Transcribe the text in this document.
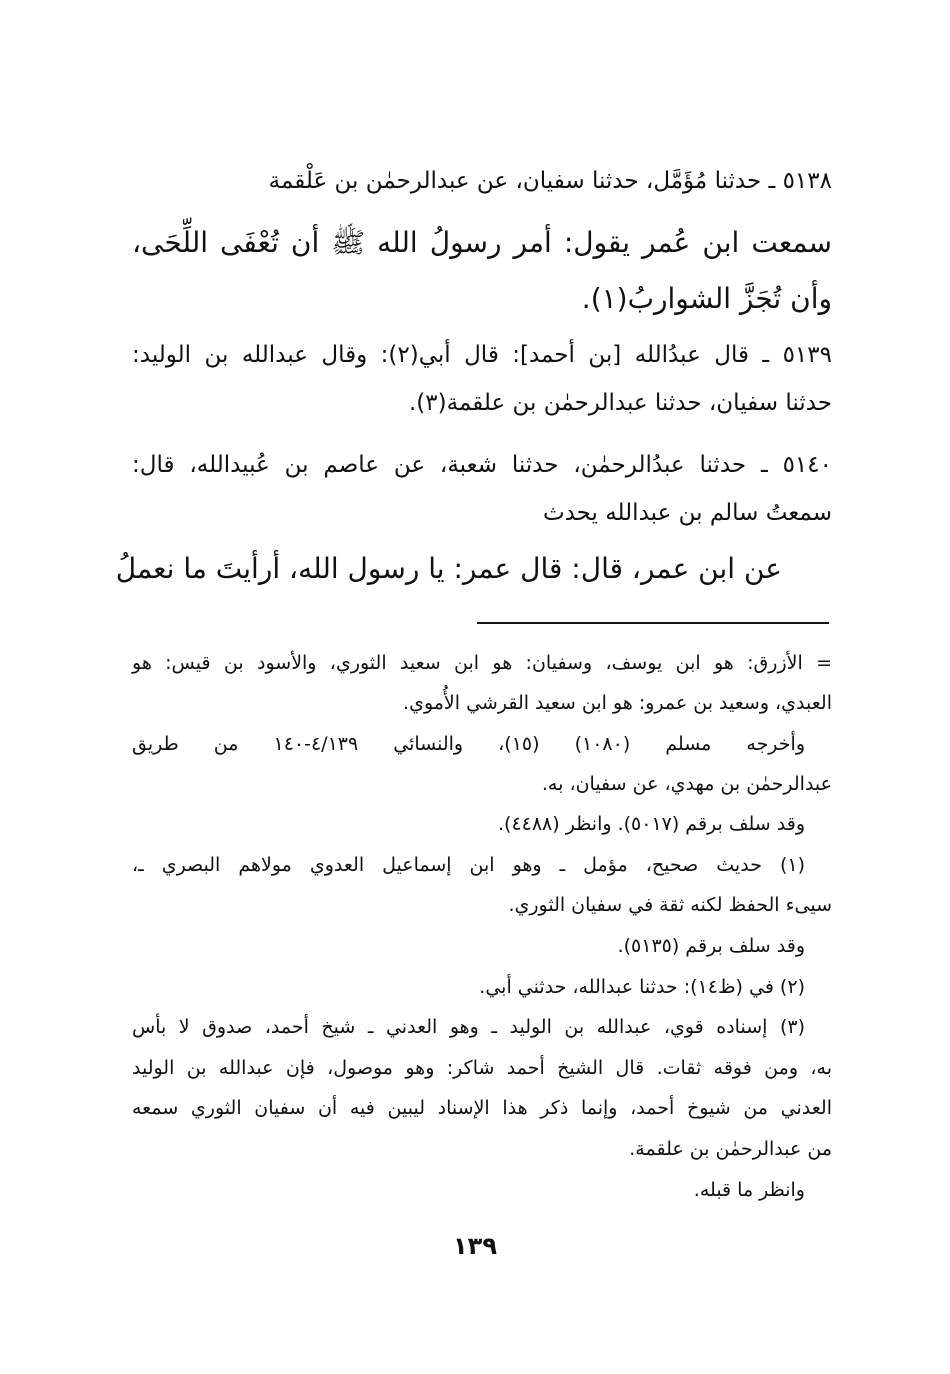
٥١٣٨ ـ حدثنا مُؤَمَّل، حدثنا سفيان، عن عبدالرحمٰن بن عَلْقمة
سمعت ابن عُمر يقول: أمر رسولُ الله ﷺ أن تُعْفَى اللِّحَى،
وأن تُجَزَّ الشواربُ(١).
٥١٣٩ ـ قال عبدُالله [بن أحمد]: قال أبي(٢): وقال عبدالله بن الوليد:
حدثنا سفيان، حدثنا عبدالرحمٰن بن علقمة(٣).
٥١٤٠ ـ حدثنا عبدُالرحمٰن، حدثنا شعبة، عن عاصم بن عُبيدالله، قال:
سمعتُ سالم بن عبدالله يحدث
عن ابن عمر، قال: قال عمر: يا رسول الله، أرأيتَ ما نعملُ
= الأزرق: هو ابن يوسف، وسفيان: هو ابن سعيد الثوري، والأسود بن قيس: هو
العبدي، وسعيد بن عمرو: هو ابن سعيد القرشي الأُموي.
وأخرجه مسلم (١٠٨٠) (١٥)، والنسائي ٤/١٣٩-١٤٠ من طريق
عبدالرحمٰن بن مهدي، عن سفيان، به.
وقد سلف برقم (٥٠١٧). وانظر (٤٤٨٨).
(١) حديث صحيح، مؤمل ـ وهو ابن إسماعيل العدوي مولاهم البصري ـ،
سيىء الحفظ لكنه ثقة في سفيان الثوري.
وقد سلف برقم (٥١٣٥).
(٢) في (ظ١٤): حدثنا عبدالله، حدثني أبي.
(٣) إسناده قوي، عبدالله بن الوليد ـ وهو العدني ـ شيخ أحمد، صدوق لا بأس
به، ومن فوقه ثقات. قال الشيخ أحمد شاكر: وهو موصول، فإن عبدالله بن الوليد
العدني من شيوخ أحمد، وإنما ذكر هذا الإسناد ليبين فيه أن سفيان الثوري سمعه
من عبدالرحمٰن بن علقمة.
وانظر ما قبله.
١٣٩
